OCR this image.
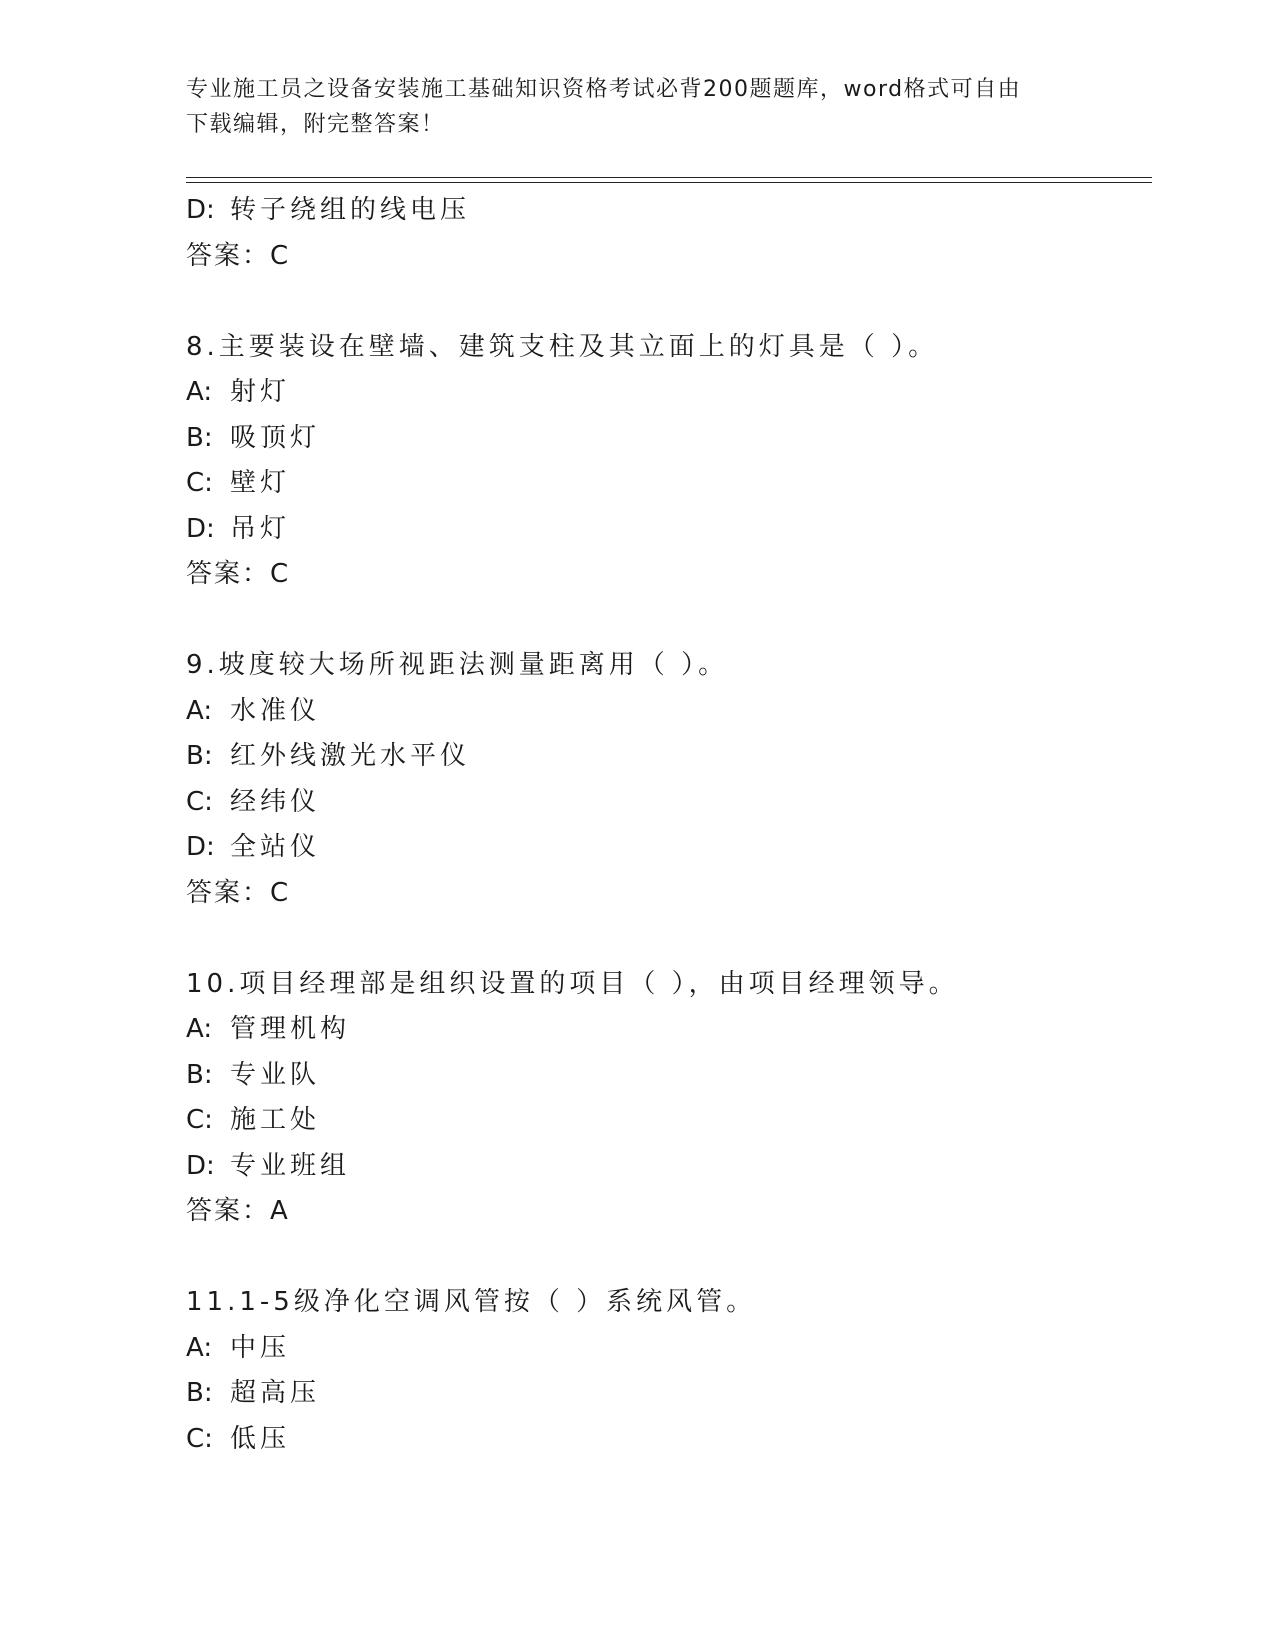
专业施工员之设备安装施工基础知识资格考试必背200题题库，word格式可自由
下载编辑，附完整答案！
D: 转子绕组的线电压
答案：C
8.主要装设在壁墙、建筑支柱及其立面上的灯具是（ ）。
A: 射灯
B: 吸顶灯
C: 壁灯
D: 吊灯
答案：C
9.坡度较大场所视距法测量距离用（ ）。
A: 水准仪
B: 红外线激光水平仪
C: 经纬仪
D: 全站仪
答案：C
10.项目经理部是组织设置的项目（ ），由项目经理领导。
A: 管理机构
B: 专业队
C: 施工处
D: 专业班组
答案：A
11.1-5级净化空调风管按（ ）系统风管。
A: 中压
B: 超高压
C: 低压
